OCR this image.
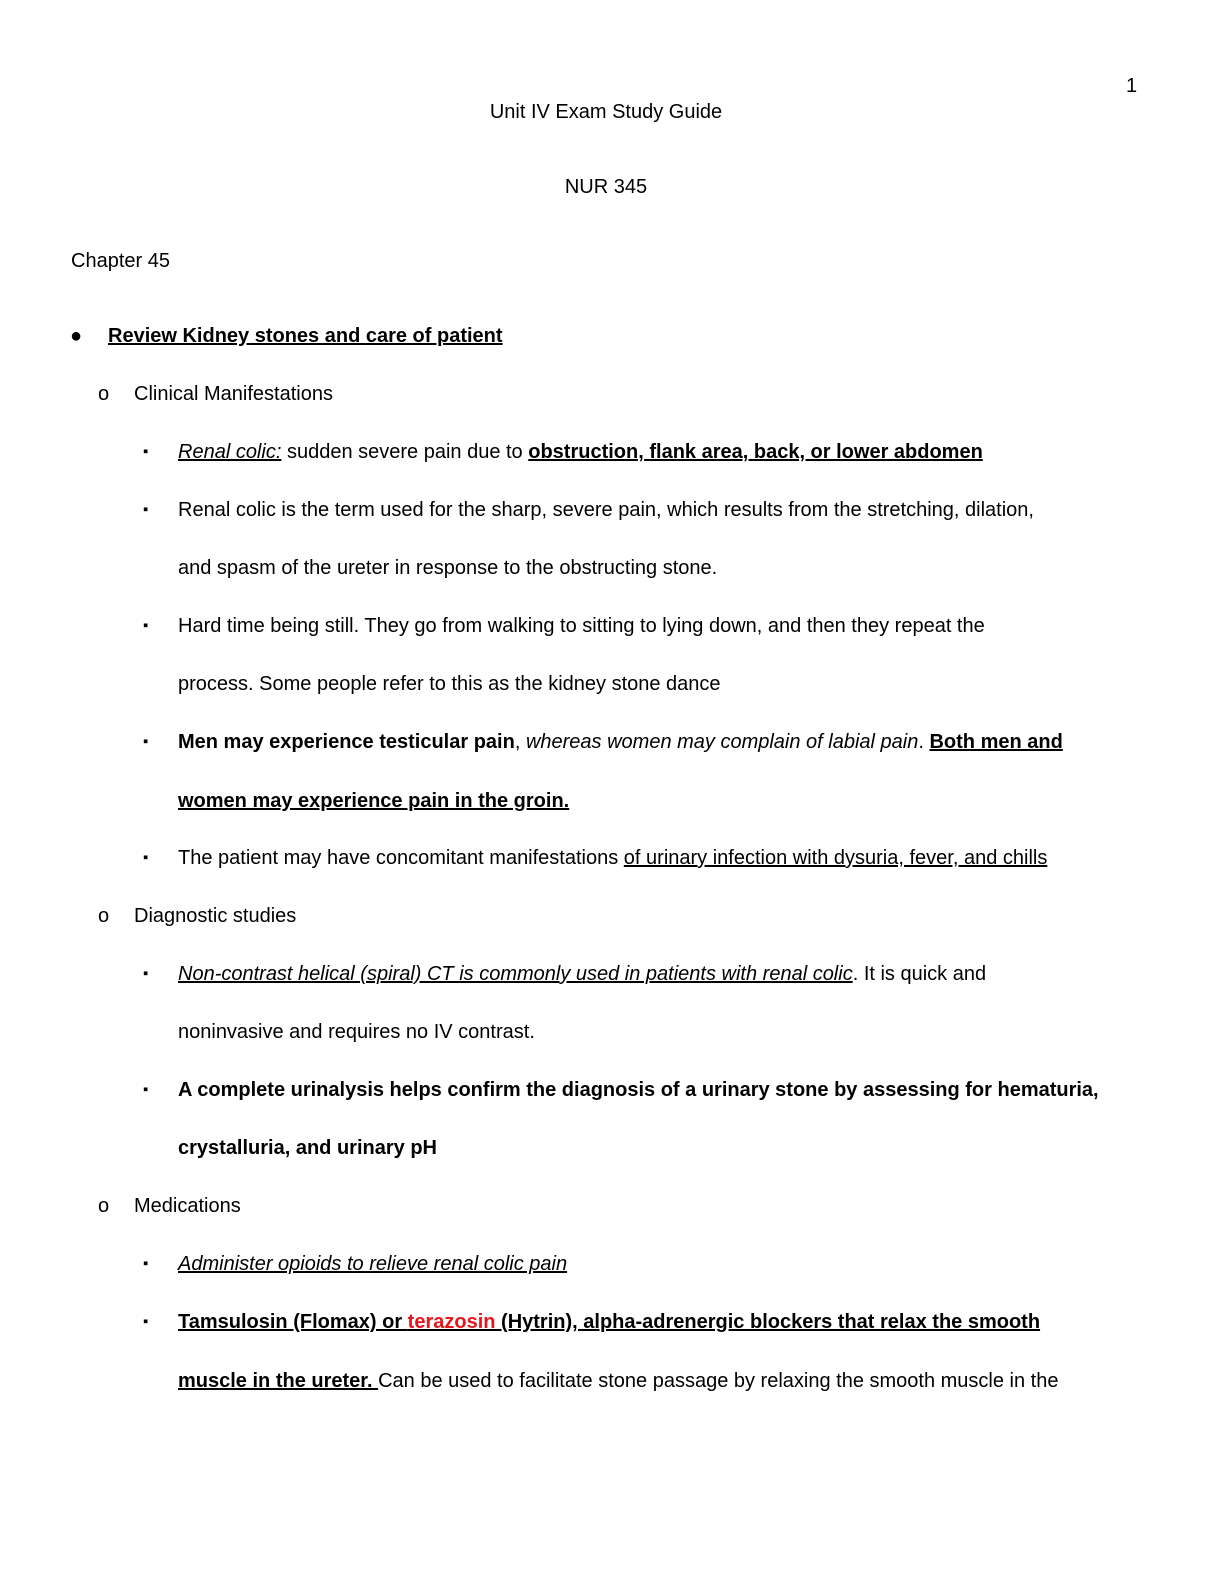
1
Unit IV Exam Study Guide
NUR 345
Chapter 45
● Review Kidney stones and care of patient
o Clinical Manifestations
▪ Renal colic: sudden severe pain due to obstruction, flank area, back, or lower abdomen
▪ Renal colic is the term used for the sharp, severe pain, which results from the stretching, dilation,
and spasm of the ureter in response to the obstructing stone.
▪ Hard time being still. They go from walking to sitting to lying down, and then they repeat the
process. Some people refer to this as the kidney stone dance
▪ Men may experience testicular pain, whereas women may complain of labial pain. Both men and
women may experience pain in the groin.
▪ The patient may have concomitant manifestations of urinary infection with dysuria, fever, and chills
o Diagnostic studies
▪ Non-contrast helical (spiral) CT is commonly used in patients with renal colic. It is quick and
noninvasive and requires no IV contrast.
▪ A complete urinalysis helps confirm the diagnosis of a urinary stone by assessing for hematuria,
crystalluria, and urinary pH
o Medications
▪ Administer opioids to relieve renal colic pain
▪ Tamsulosin (Flomax) or terazosin (Hytrin), alpha-adrenergic blockers that relax the smooth
muscle in the ureter. Can be used to facilitate stone passage by relaxing the smooth muscle in the
